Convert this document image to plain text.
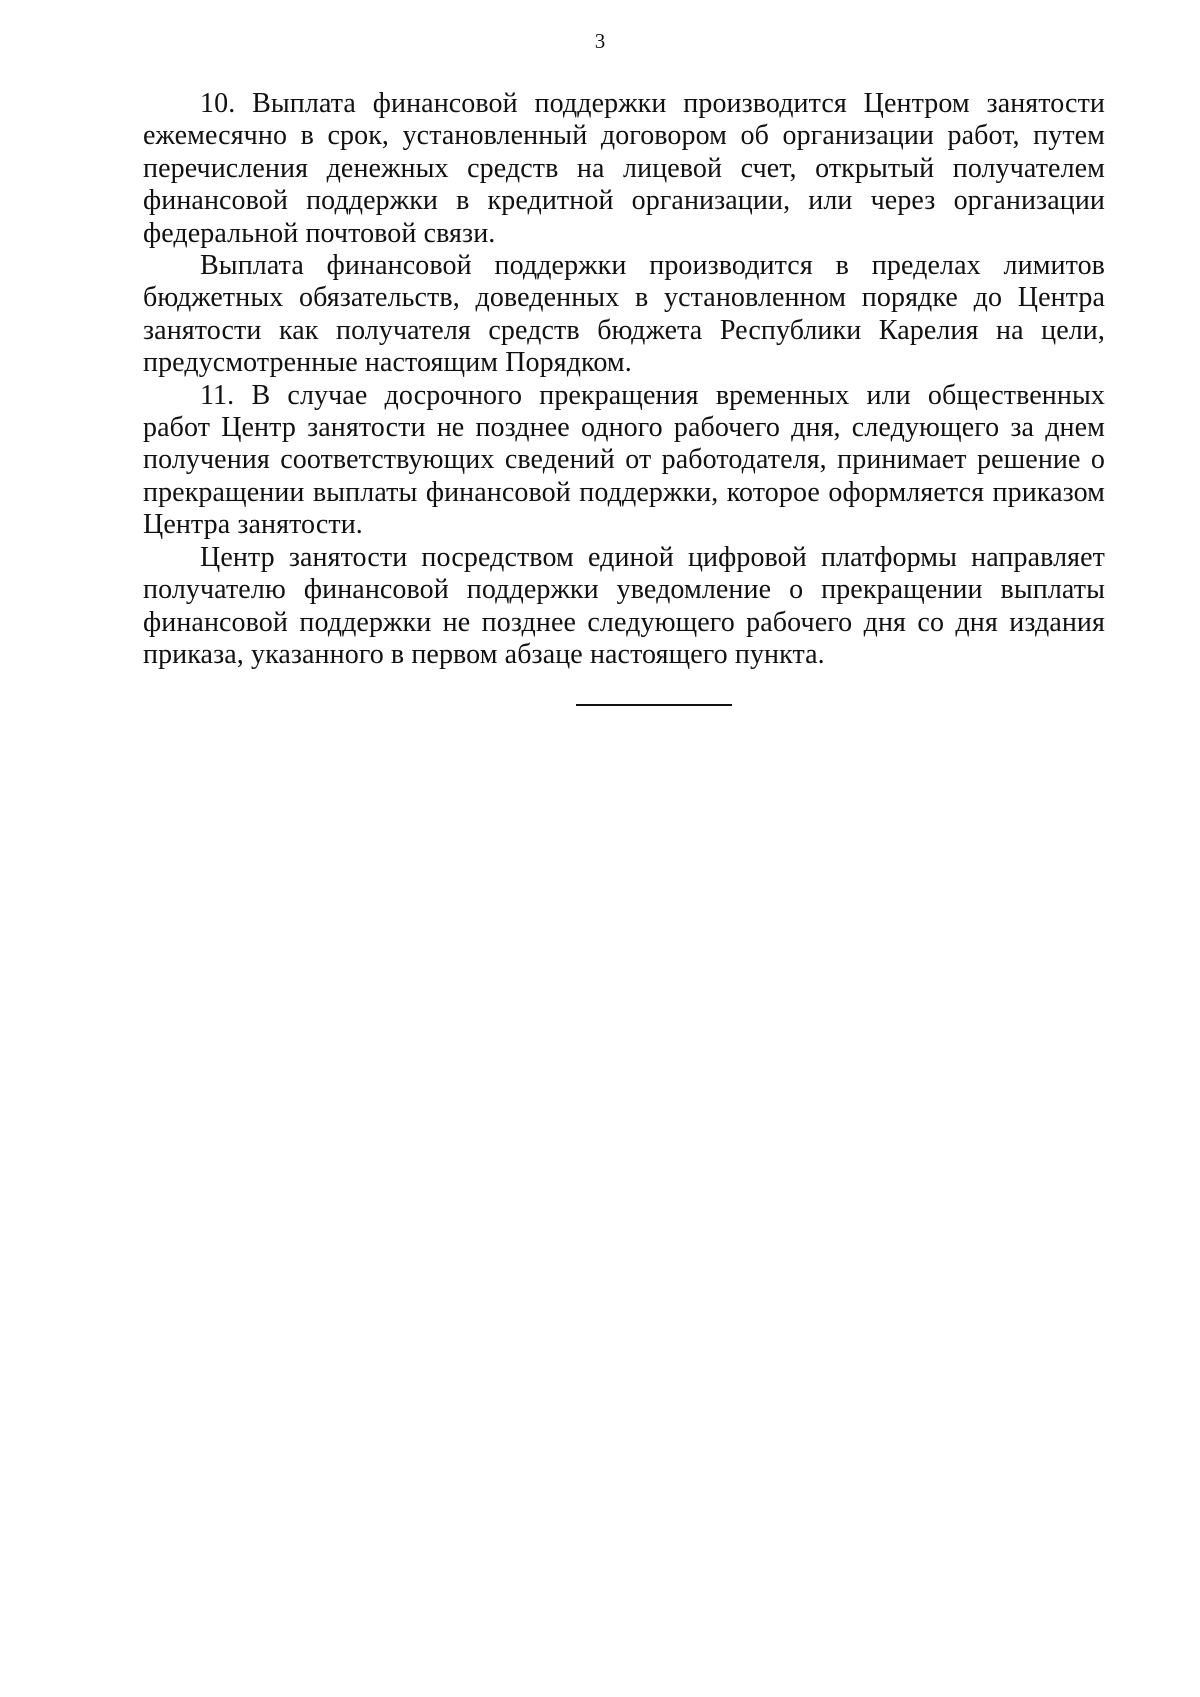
3

10. Выплата финансовой поддержки производится Центром занятости ежемесячно в срок, установленный договором об организации работ, путем перечисления денежных средств на лицевой счет, открытый получателем финансовой поддержки в кредитной организации, или через организации федеральной почтовой связи.

Выплата финансовой поддержки производится в пределах лимитов бюджетных обязательств, доведенных в установленном порядке до Центра занятости как получателя средств бюджета Республики Карелия на цели, предусмотренные настоящим Порядком.

11. В случае досрочного прекращения временных или общественных работ Центр занятости не позднее одного рабочего дня, следующего за днем получения соответствующих сведений от работодателя, принимает решение о прекращении выплаты финансовой поддержки, которое оформляется приказом Центра занятости.

Центр занятости посредством единой цифровой платформы направляет получателю финансовой поддержки уведомление о прекращении выплаты финансовой поддержки не позднее следующего рабочего дня со дня издания приказа, указанного в первом абзаце настоящего пункта.
